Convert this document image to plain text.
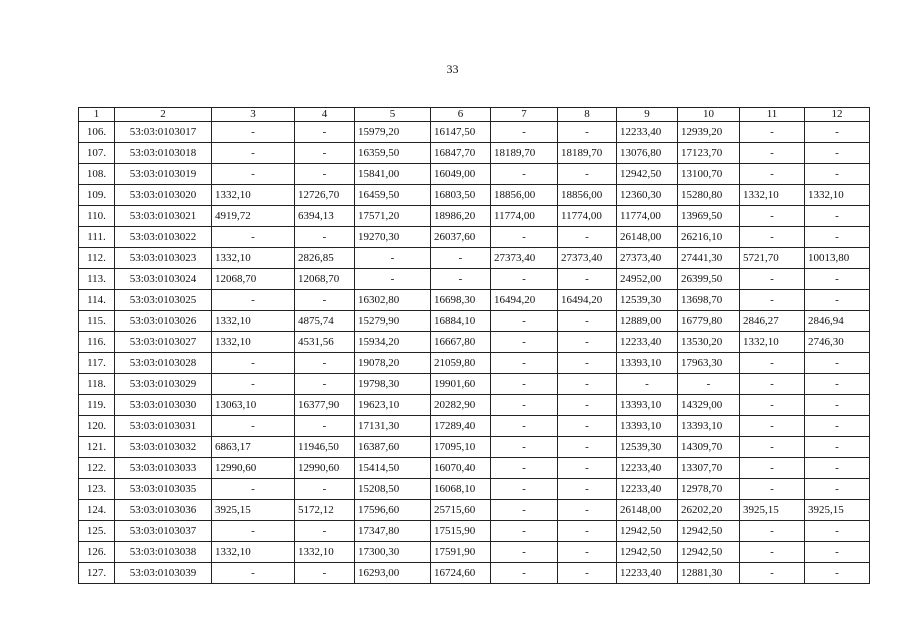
33
1	2	3	4	5	6	7	8	9	10	11	12
106.	53:03:0103017	-	-	15979,20	16147,50	-	-	12233,40	12939,20	-	-
107.	53:03:0103018	-	-	16359,50	16847,70	18189,70	18189,70	13076,80	17123,70	-	-
108.	53:03:0103019	-	-	15841,00	16049,00	-	-	12942,50	13100,70	-	-
109.	53:03:0103020	1332,10	12726,70	16459,50	16803,50	18856,00	18856,00	12360,30	15280,80	1332,10	1332,10
110.	53:03:0103021	4919,72	6394,13	17571,20	18986,20	11774,00	11774,00	11774,00	13969,50	-	-
111.	53:03:0103022	-	-	19270,30	26037,60	-	-	26148,00	26216,10	-	-
112.	53:03:0103023	1332,10	2826,85	-	-	27373,40	27373,40	27373,40	27441,30	5721,70	10013,80
113.	53:03:0103024	12068,70	12068,70	-	-	-	-	24952,00	26399,50	-	-
114.	53:03:0103025	-	-	16302,80	16698,30	16494,20	16494,20	12539,30	13698,70	-	-
115.	53:03:0103026	1332,10	4875,74	15279,90	16884,10	-	-	12889,00	16779,80	2846,27	2846,94
116.	53:03:0103027	1332,10	4531,56	15934,20	16667,80	-	-	12233,40	13530,20	1332,10	2746,30
117.	53:03:0103028	-	-	19078,20	21059,80	-	-	13393,10	17963,30	-	-
118.	53:03:0103029	-	-	19798,30	19901,60	-	-	-	-	-	-
119.	53:03:0103030	13063,10	16377,90	19623,10	20282,90	-	-	13393,10	14329,00	-	-
120.	53:03:0103031	-	-	17131,30	17289,40	-	-	13393,10	13393,10	-	-
121.	53:03:0103032	6863,17	11946,50	16387,60	17095,10	-	-	12539,30	14309,70	-	-
122.	53:03:0103033	12990,60	12990,60	15414,50	16070,40	-	-	12233,40	13307,70	-	-
123.	53:03:0103035	-	-	15208,50	16068,10	-	-	12233,40	12978,70	-	-
124.	53:03:0103036	3925,15	5172,12	17596,60	25715,60	-	-	26148,00	26202,20	3925,15	3925,15
125.	53:03:0103037	-	-	17347,80	17515,90	-	-	12942,50	12942,50	-	-
126.	53:03:0103038	1332,10	1332,10	17300,30	17591,90	-	-	12942,50	12942,50	-	-
127.	53:03:0103039	-	-	16293,00	16724,60	-	-	12233,40	12881,30	-	-
